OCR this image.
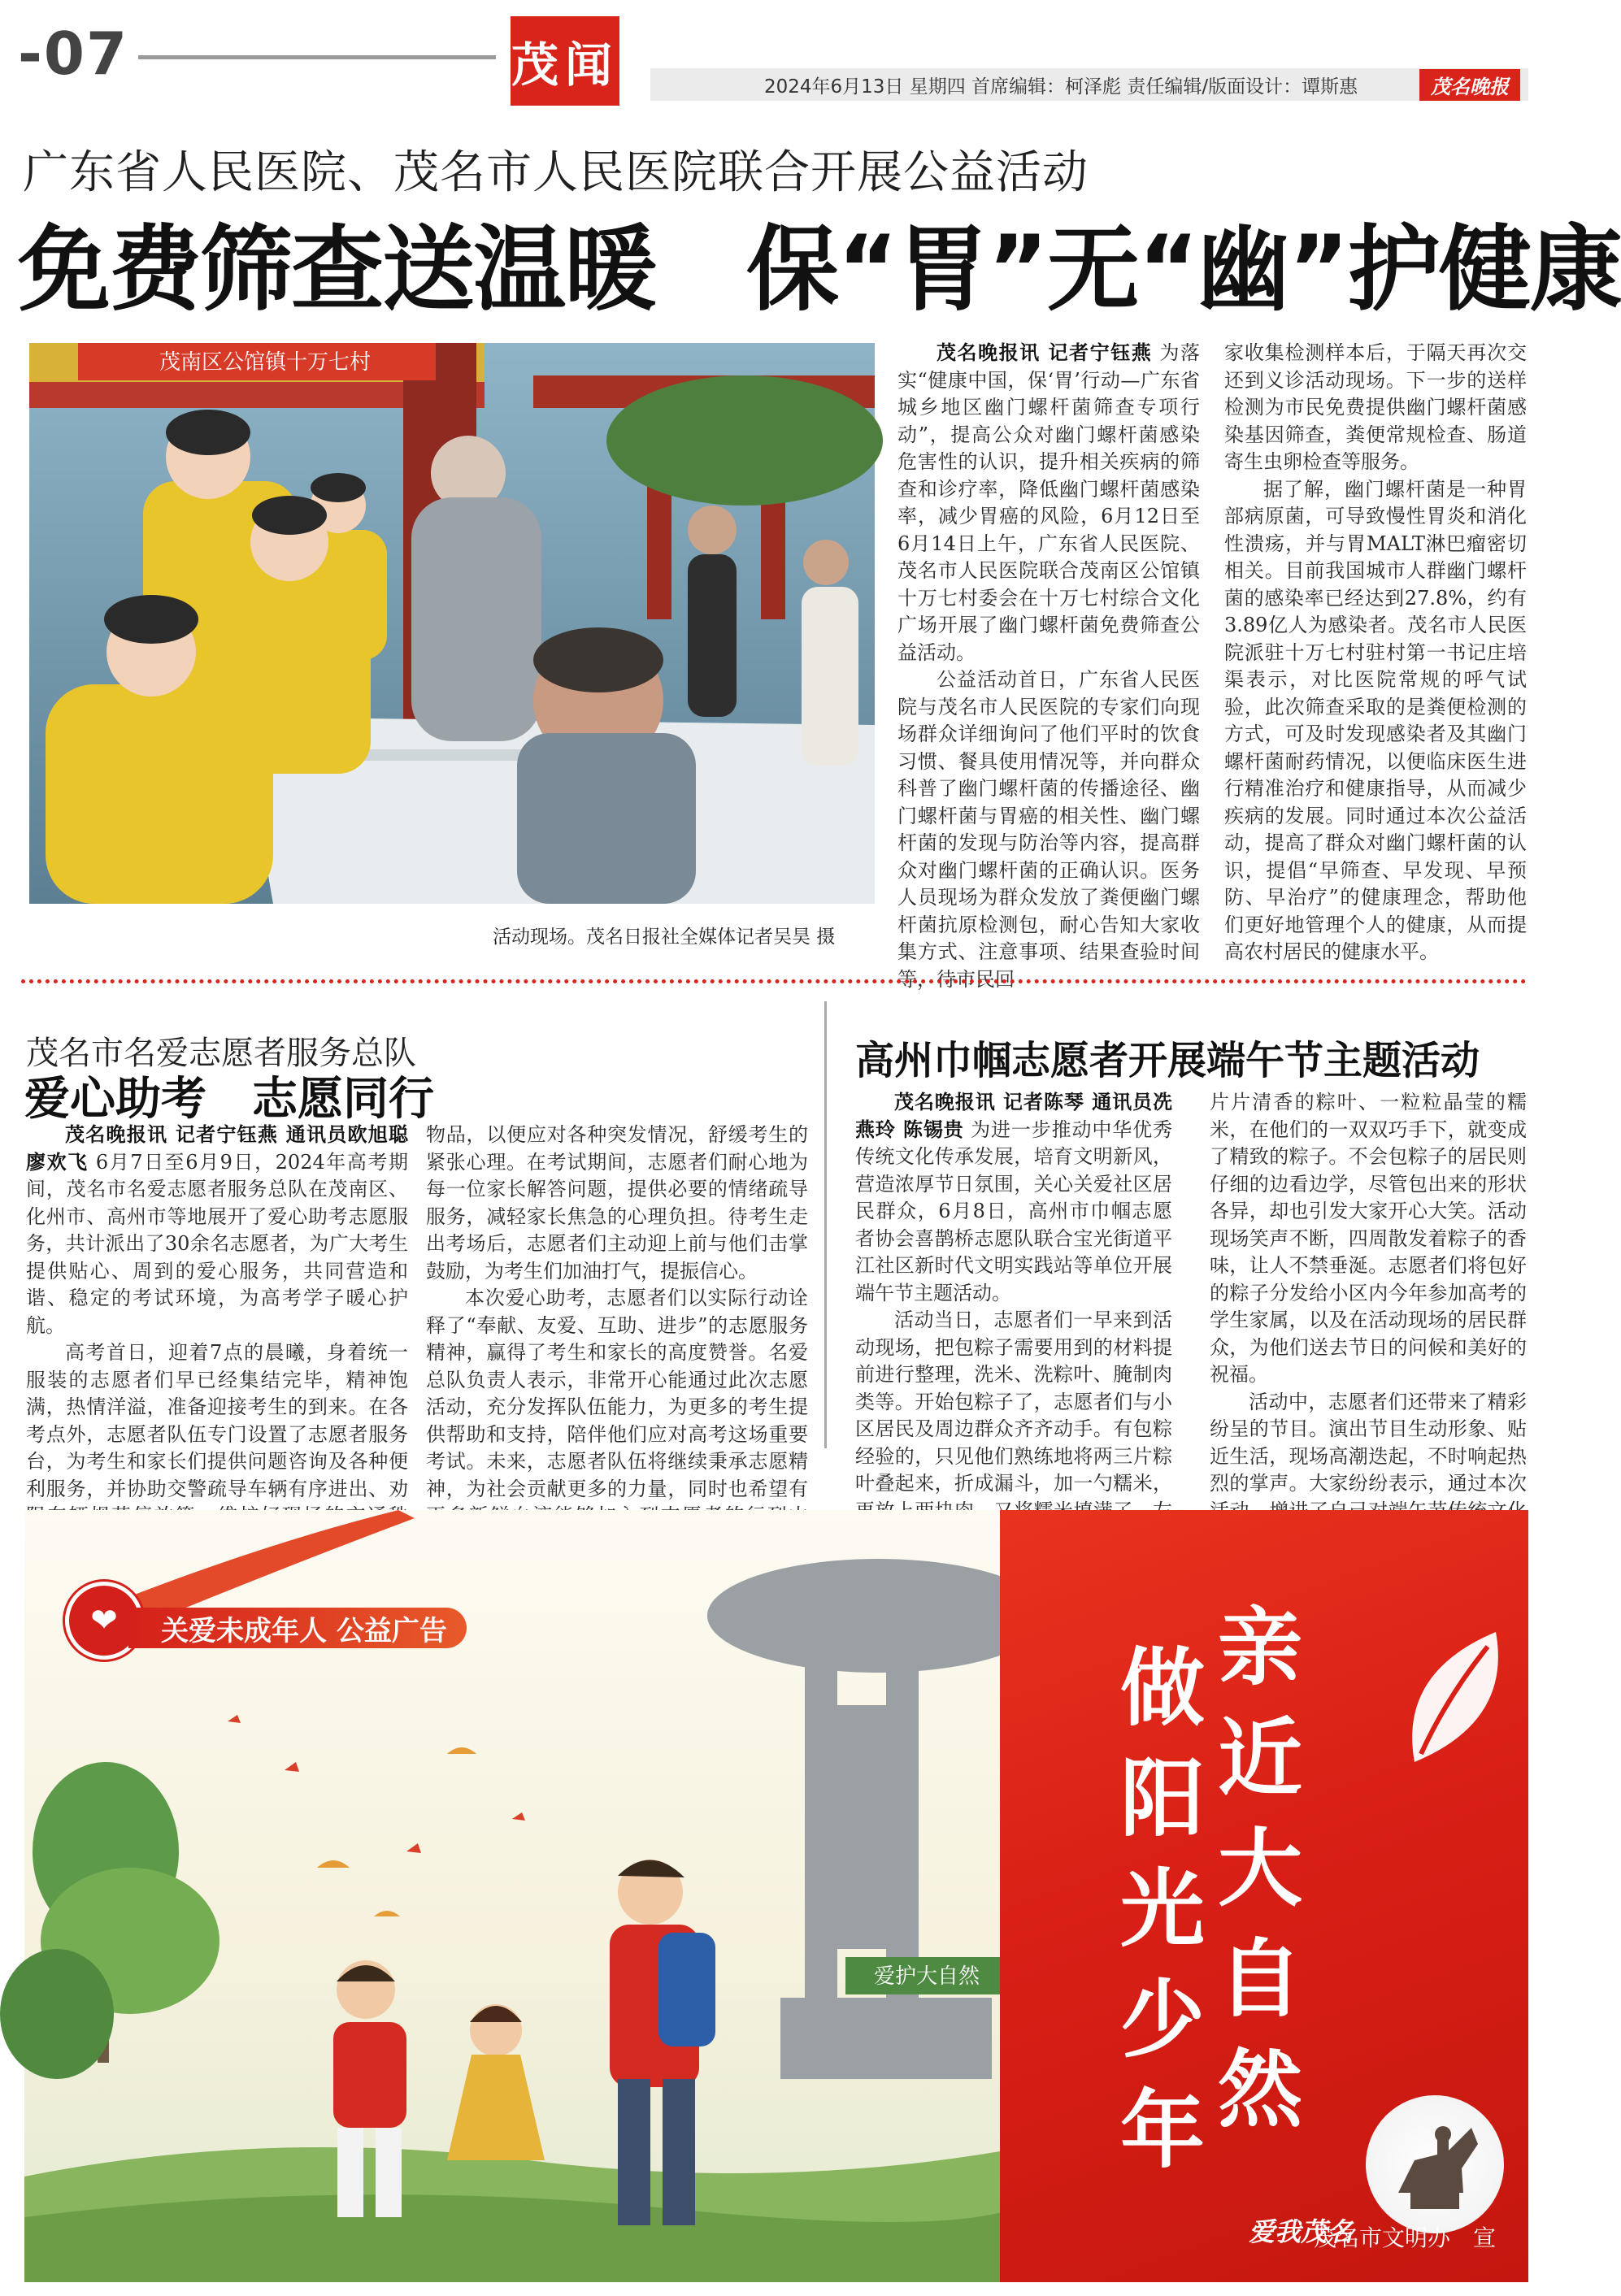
-07	茂闻	2024年6月13日 星期四 首席编辑：柯泽彪 责任编辑/版面设计：谭斯惠	茂名晚报
广东省人民医院、茂名市人民医院联合开展公益活动
免费筛查送温暖　保“胃”无“幽”护健康
茂南区公馆镇十万七村
活动现场。茂名日报社全媒体记者吴昊 摄

茂名晚报讯 记者宁钰燕 为落实“健康中国，保‘胃’行动—广东省城乡地区幽门螺杆菌筛查专项行动”，提高公众对幽门螺杆菌感染危害性的认识，提升相关疾病的筛查和诊疗率，降低幽门螺杆菌感染率，减少胃癌的风险，6月12日至6月14日上午，广东省人民医院、茂名市人民医院联合茂南区公馆镇十万七村委会在十万七村综合文化广场开展了幽门螺杆菌免费筛查公益活动。

公益活动首日，广东省人民医院与茂名市人民医院的专家们向现场群众详细询问了他们平时的饮食习惯、餐具使用情况等，并向群众科普了幽门螺杆菌的传播途径、幽门螺杆菌与胃癌的相关性、幽门螺杆菌的发现与防治等内容，提高群众对幽门螺杆菌的正确认识。医务人员现场为群众发放了粪便幽门螺杆菌抗原检测包，耐心告知大家收集方式、注意事项、结果查验时间等，待市民回

家收集检测样本后，于隔天再次交还到义诊活动现场。下一步的送样检测为市民免费提供幽门螺杆菌感染基因筛查，粪便常规检查、肠道寄生虫卵检查等服务。

据了解，幽门螺杆菌是一种胃部病原菌，可导致慢性胃炎和消化性溃疡，并与胃MALT淋巴瘤密切相关。目前我国城市人群幽门螺杆菌的感染率已经达到27.8%，约有3.89亿人为感染者。茂名市人民医院派驻十万七村驻村第一书记庄培渠表示，对比医院常规的呼气试验，此次筛查采取的是粪便检测的方式，可及时发现感染者及其幽门螺杆菌耐药情况，以便临床医生进行精准治疗和健康指导，从而减少疾病的发展。同时通过本次公益活动，提高了群众对幽门螺杆菌的认识，提倡“早筛查、早发现、早预防、早治疗”的健康理念，帮助他们更好地管理个人的健康，从而提高农村居民的健康水平。

茂名市名爱志愿者服务总队
爱心助考　志愿同行

茂名晚报讯 记者宁钰燕 通讯员欧旭聪 廖欢飞 6月7日至6月9日，2024年高考期间，茂名市名爱志愿者服务总队在茂南区、化州市、高州市等地展开了爱心助考志愿服务，共计派出了30余名志愿者，为广大考生提供贴心、周到的爱心服务，共同营造和谐、稳定的考试环境，为高考学子暖心护航。

高考首日，迎着7点的晨曦，身着统一服装的志愿者们早已经集结完毕，精神饱满，热情洋溢，准备迎接考生的到来。在各考点外，志愿者队伍专门设置了志愿者服务台，为考生和家长们提供问题咨询及各种便利服务，并协助交警疏导车辆有序进出、劝

物品，以便应对各种突发情况，舒缓考生的紧张心理。在考试期间，志愿者们耐心地为每一位家长解答问题，提供必要的情绪疏导服务，减轻家长焦急的心理负担。待考生走出考场后，志愿者们主动迎上前与他们击掌鼓励，为考生们加油打气，提振信心。

本次爱心助考，志愿者们以实际行动诠释了“奉献、友爱、互助、进步”的志愿服务精神，赢得了考生和家长的高度赞誉。名爱总队负责人表示，非常开心能通过此次志愿活动，充分发挥队伍能力，为更多的考生提供帮助和支持，陪伴他们应对高考这场重要考试。未来，志愿者队伍将继续秉承志愿精神，为社会贡献更多的力量，同时也希望有

高州巾帼志愿者开展端午节主题活动

茂名晚报讯 记者陈琴 通讯员冼燕玲 陈锡贵 为进一步推动中华优秀传统文化传承发展，培育文明新风，营造浓厚节日氛围，关心关爱社区居民群众，6月8日，高州市巾帼志愿者协会喜鹊桥志愿队联合宝光街道平江社区新时代文明实践站等单位开展端午节主题活动。

活动当日，志愿者们一早来到活动现场，把包粽子需要用到的材料提前进行整理，洗米、洗粽叶、腌制肉类等。开始包粽子了，志愿者们与小区居民及周边群众齐齐动手。有包粽经验的，只见他们熟练地将两三片粽叶叠起来，折成漏斗，加一勺糯米，

片片清香的粽叶、一粒粒晶莹的糯米，在他们的一双双巧手下，就变成了精致的粽子。不会包粽子的居民则仔细的边看边学，尽管包出来的形状各异，却也引发大家开心大笑。活动现场笑声不断，四周散发着粽子的香味，让人不禁垂涎。志愿者们将包好的粽子分发给小区内今年参加高考的学生家属，以及在活动现场的居民群众，为他们送去节日的问候和美好的祝福。

活动中，志愿者们还带来了精彩纷呈的节目。演出节目生动形象、贴近生活，现场高潮迭起，不时响起热烈的掌声。大家纷纷表示，通过本次

爱护大自然
❤	关爱未成年人 公益广告
做
阳
光
少
年
亲
近
大
自
然
爱我茂名
茂名市文明办　宣
